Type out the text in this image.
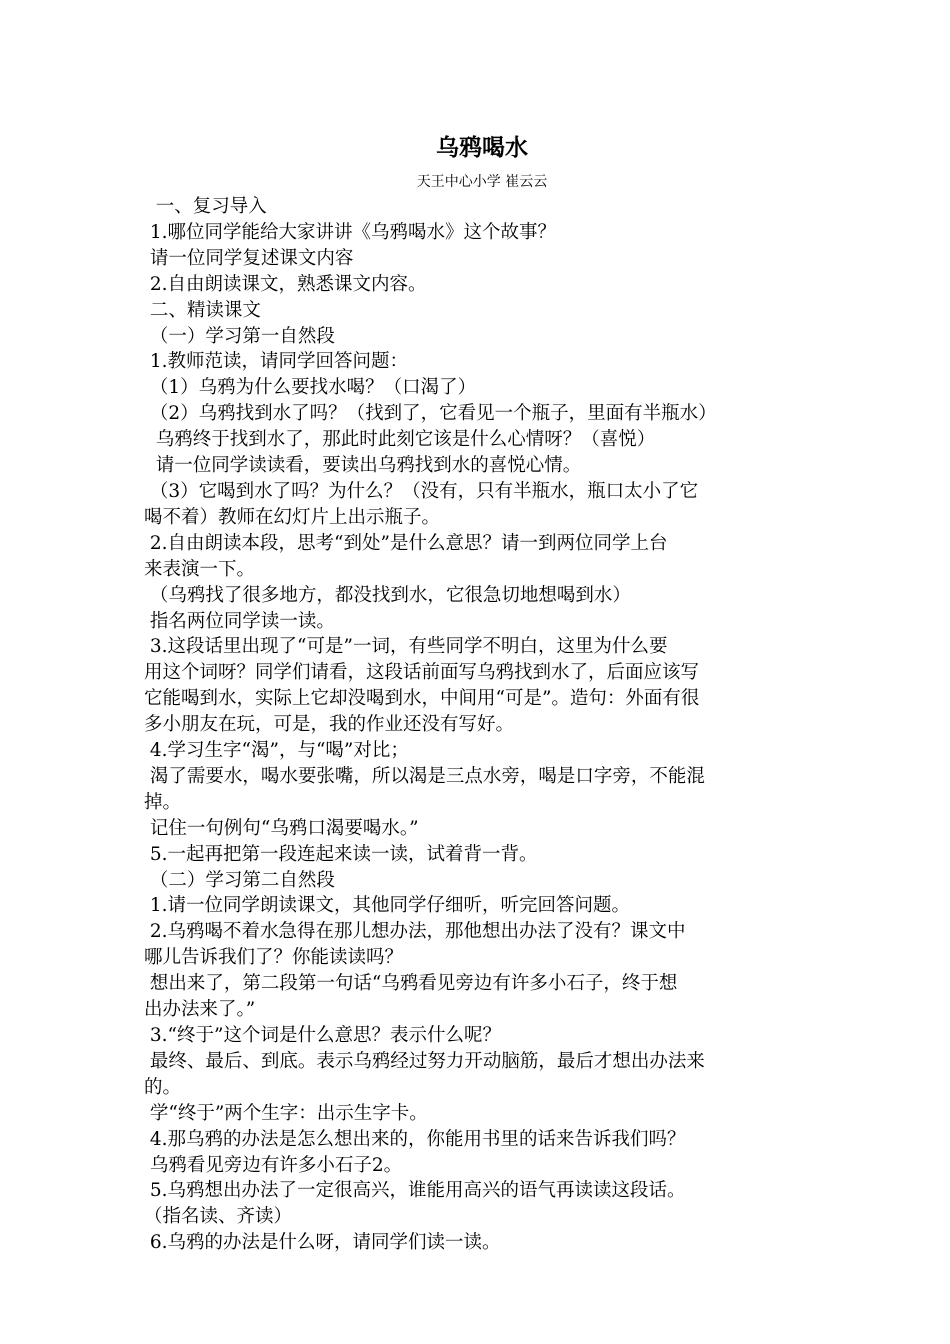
乌鸦喝水

天王中心小学 崔云云

一、复习导入

1.哪位同学能给大家讲讲《乌鸦喝水》这个故事？

请一位同学复述课文内容

2.自由朗读课文，熟悉课文内容。

二、精读课文

（一）学习第一自然段

1.教师范读，请同学回答问题：

（1）乌鸦为什么要找水喝？（口渴了）

（2）乌鸦找到水了吗？（找到了，它看见一个瓶子，里面有半瓶水）

乌鸦终于找到水了，那此时此刻它该是什么心情呀？（喜悦）

请一位同学读读看，要读出乌鸦找到水的喜悦心情。

（3）它喝到水了吗？为什么？（没有，只有半瓶水，瓶口太小了它

喝不着）教师在幻灯片上出示瓶子。

2.自由朗读本段，思考“到处”是什么意思？请一到两位同学上台

来表演一下。

（乌鸦找了很多地方，都没找到水，它很急切地想喝到水）

指名两位同学读一读。

3.这段话里出现了“可是”一词，有些同学不明白，这里为什么要

用这个词呀？同学们请看，这段话前面写乌鸦找到水了，后面应该写

它能喝到水，实际上它却没喝到水，中间用“可是”。造句：外面有很

多小朋友在玩，可是，我的作业还没有写好。

4.学习生字“渴”，与“喝”对比；

渴了需要水，喝水要张嘴，所以渴是三点水旁，喝是口字旁，不能混

掉。

记住一句例句“乌鸦口渴要喝水。”

5.一起再把第一段连起来读一读，试着背一背。

（二）学习第二自然段

1.请一位同学朗读课文，其他同学仔细听，听完回答问题。

2.乌鸦喝不着水急得在那儿想办法，那他想出办法了没有？课文中

哪儿告诉我们了？你能读读吗？

想出来了，第二段第一句话“乌鸦看见旁边有许多小石子，终于想

出办法来了。”

3.“终于”这个词是什么意思？表示什么呢？

最终、最后、到底。表示乌鸦经过努力开动脑筋，最后才想出办法来

的。

学“终于”两个生字：出示生字卡。

4.那乌鸦的办法是怎么想出来的，你能用书里的话来告诉我们吗？

乌鸦看见旁边有许多小石子2。

5.乌鸦想出办法了一定很高兴，谁能用高兴的语气再读读这段话。

（指名读、齐读）

6.乌鸦的办法是什么呀，请同学们读一读。
